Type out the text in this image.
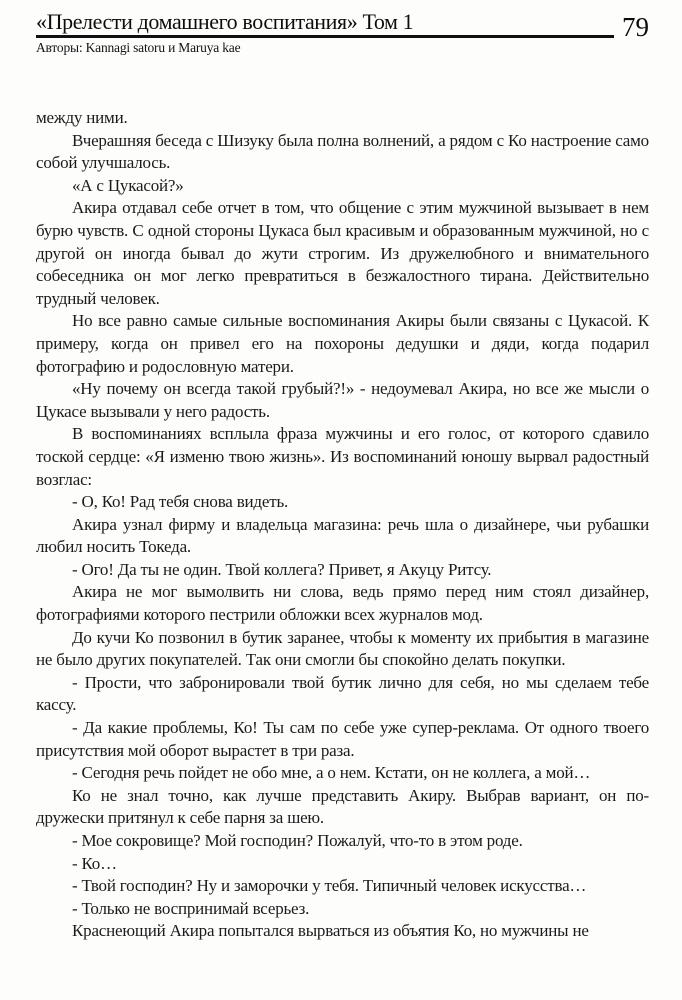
«Прелести домашнего воспитания» Том 1	79
Авторы: Kannagi satoru и Maruya kae

между ними.

Вчерашняя беседа с Шизуку была полна волнений, а рядом с Ко настроение само собой улучшалось.

«А с Цукасой?»

Акира отдавал себе отчет в том, что общение с этим мужчиной вызывает в нем бурю чувств. С одной стороны Цукаса был красивым и образованным мужчиной, но с другой он иногда бывал до жути строгим. Из дружелюбного и внимательного собеседника он мог легко превратиться в безжалостного тирана. Действительно трудный человек.

Но все равно самые сильные воспоминания Акиры были связаны с Цукасой. К примеру, когда он привел его на похороны дедушки и дяди, когда подарил фотографию и родословную матери.

«Ну почему он всегда такой грубый?!» - недоумевал Акира, но все же мысли о Цукасе вызывали у него радость.

В воспоминаниях всплыла фраза мужчины и его голос, от которого сдавило тоской сердце: «Я изменю твою жизнь». Из воспоминаний юношу вырвал радостный возглас:

- О, Ко! Рад тебя снова видеть.

Акира узнал фирму и владельца магазина: речь шла о дизайнере, чьи рубашки любил носить Токеда.

- Ого! Да ты не один. Твой коллега? Привет, я Акуцу Ритсу.

Акира не мог вымолвить ни слова, ведь прямо перед ним стоял дизайнер, фотографиями которого пестрили обложки всех журналов мод.

До кучи Ко позвонил в бутик заранее, чтобы к моменту их прибытия в магазине не было других покупателей. Так они смогли бы спокойно делать покупки.

- Прости, что забронировали твой бутик лично для себя, но мы сделаем тебе кассу.

- Да какие проблемы, Ко! Ты сам по себе уже супер-реклама. От одного твоего присутствия мой оборот вырастет в три раза.

- Сегодня речь пойдет не обо мне, а о нем. Кстати, он не коллега, а мой…

Ко не знал точно, как лучше представить Акиру. Выбрав вариант, он по-дружески притянул к себе парня за шею.

- Мое сокровище? Мой господин? Пожалуй, что-то в этом роде.

- Ко…

- Твой господин? Ну и заморочки у тебя. Типичный человек искусства…

- Только не воспринимай всерьез.

Краснеющий Акира попытался вырваться из объятия Ко, но мужчины не
